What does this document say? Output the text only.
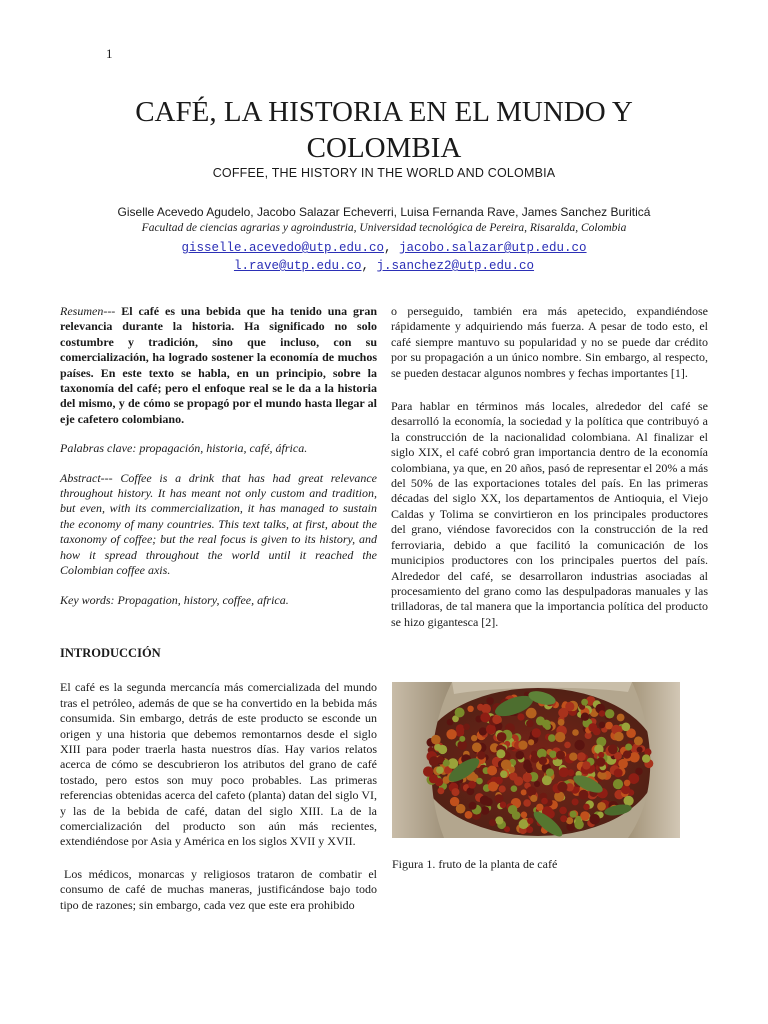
1
CAFÉ, LA HISTORIA EN EL MUNDO Y
COLOMBIA
COFFEE, THE HISTORY IN THE WORLD AND COLOMBIA
Giselle Acevedo Agudelo, Jacobo Salazar Echeverri, Luisa Fernanda Rave, James Sanchez Buriticá
Facultad de ciencias agrarias y agroindustria, Universidad tecnológica de Pereira, Risaralda, Colombia
gisselle.acevedo@utp.edu.co, jacobo.salazar@utp.edu.co
l.rave@utp.edu.co, j.sanchez2@utp.edu.co

Resumen--- El café es una bebida que ha tenido una gran relevancia durante la historia. Ha significado no solo costumbre y tradición, sino que incluso, con su comercialización, ha logrado sostener la economía de muchos países. En este texto se habla, en un principio, sobre la taxonomía del café; pero el enfoque real se le da a la historia del mismo, y de cómo se propagó por el mundo hasta llegar al eje cafetero colombiano.

Palabras clave: propagación, historia, café, áfrica.

Abstract--- Coffee is a drink that has had great relevance throughout history. It has meant not only custom and tradition, but even, with its commercialization, it has managed to sustain the economy of many countries. This text talks, at first, about the taxonomy of coffee; but the real focus is given to its history, and how it spread throughout the world until it reached the Colombian coffee axis.

Key words: Propagation, history, coffee, africa.

INTRODUCCIÓN

El café es la segunda mercancía más comercializada del mundo tras el petróleo, además de que se ha convertido en la bebida más consumida. Sin embargo, detrás de este producto se esconde un origen y una historia que debemos remontarnos desde el siglo XIII para poder traerla hasta nuestros días. Hay varios relatos acerca de cómo se descubrieron los atributos del grano de café tostado, pero estos son muy poco probables. Las primeras referencias obtenidas acerca del cafeto (planta) datan del siglo VI, y las de la bebida de café, datan del siglo XIII. La de la comercialización del producto son aún más recientes, extendiéndose por Asia y América en los siglos XVII y XVII.

Los médicos, monarcas y religiosos trataron de combatir el consumo de café de muchas maneras, justificándose bajo todo tipo de razones; sin embargo, cada vez que este era prohibido

o perseguido, también era más apetecido, expandiéndose rápidamente y adquiriendo más fuerza. A pesar de todo esto, el café siempre mantuvo su popularidad y no se puede dar crédito por su propagación a un único nombre. Sin embargo, al respecto, se pueden destacar algunos nombres y fechas importantes [1].

Para hablar en términos más locales, alrededor del café se desarrolló la economía, la sociedad y la política que contribuyó a la construcción de la nacionalidad colombiana. Al finalizar el siglo XIX, el café cobró gran importancia dentro de la economía colombiana, ya que, en 20 años, pasó de representar el 20% a más del 50% de las exportaciones totales del país. En las primeras décadas del siglo XX, los departamentos de Antioquia, el Viejo Caldas y Tolima se convirtieron en los principales productores del grano, viéndose favorecidos con la construcción de la red ferroviaria, debido a que facilitó la comunicación de los municipios productores con los principales puertos del país. Alrededor del café, se desarrollaron industrias asociadas al procesamiento del grano como las despulpadoras manuales y las trilladoras, de tal manera que la importancia política del producto se hizo gigantesca [2].

Figura 1. fruto de la planta de café
